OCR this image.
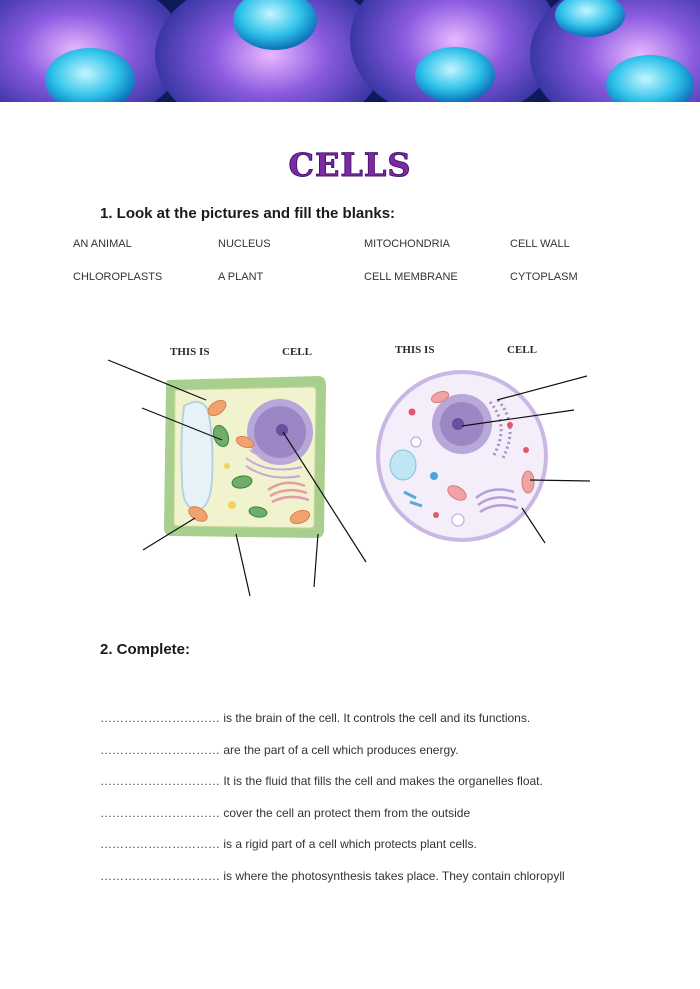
CELLS
1. Look at the pictures and fill the blanks:
AN ANIMAL	NUCLEUS	MITOCHONDRIA	CELL WALL
CHLOROPLASTS	A PLANT	CELL MEMBRANE	CYTOPLASM
THIS IS	CELL	THIS IS	CELL
2. Complete:
………………………… is the brain of the cell. It controls the cell and its functions.
………………………… are the part of a cell which produces energy.
………………………… It is the fluid that fills the cell and makes the organelles float.
………………………… cover the cell an protect them from the outside
………………………… is a rigid part of a cell which protects plant cells.
………………………… is where the photosynthesis takes place. They contain chloropyll
